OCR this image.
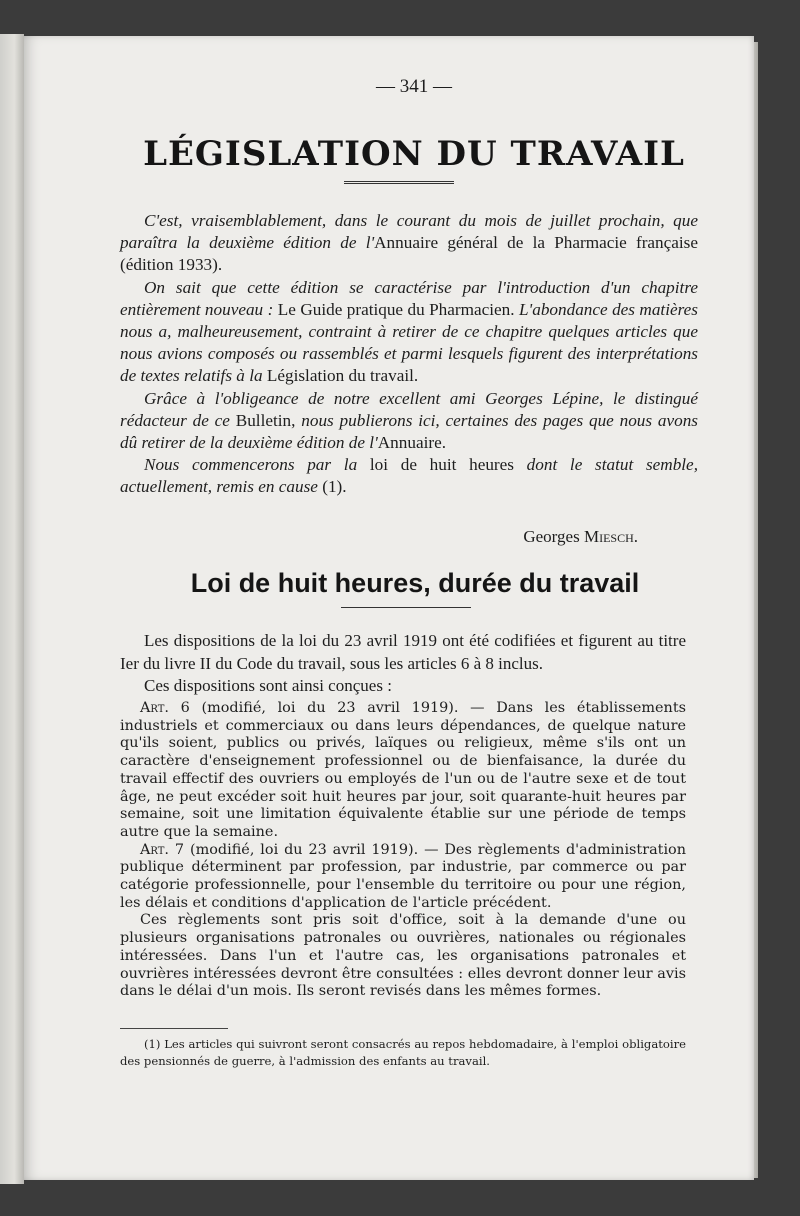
— 341 —
LÉGISLATION DU TRAVAIL

C'est, vraisemblablement, dans le courant du mois de juillet prochain, que paraîtra la deuxième édition de l'Annuaire général de la Pharmacie française (édition 1933).

On sait que cette édition se caractérise par l'introduction d'un chapitre entièrement nouveau : Le Guide pratique du Pharmacien. L'abondance des matières nous a, malheureusement, contraint à retirer de ce chapitre quelques articles que nous avions composés ou rassemblés et parmi lesquels figurent des interprétations de textes relatifs à la Législation du travail.

Grâce à l'obligeance de notre excellent ami Georges Lépine, le distingué rédacteur de ce Bulletin, nous publierons ici, certaines des pages que nous avons dû retirer de la deuxième édition de l'Annuaire.

Nous commencerons par la loi de huit heures dont le statut semble, actuellement, remis en cause (1).

Georges Miesch.
Loi de huit heures, durée du travail

Les dispositions de la loi du 23 avril 1919 ont été codifiées et figurent au titre Ier du livre II du Code du travail, sous les articles 6 à 8 inclus.

Ces dispositions sont ainsi conçues :

Art. 6 (modifié, loi du 23 avril 1919). — Dans les établissements industriels et commerciaux ou dans leurs dépendances, de quelque nature qu'ils soient, publics ou privés, laïques ou religieux, même s'ils ont un caractère d'enseignement professionnel ou de bienfaisance, la durée du travail effectif des ouvriers ou employés de l'un ou de l'autre sexe et de tout âge, ne peut excéder soit huit heures par jour, soit quarante-huit heures par semaine, soit une limitation équivalente établie sur une période de temps autre que la semaine.

Art. 7 (modifié, loi du 23 avril 1919). — Des règlements d'administration publique déterminent par profession, par industrie, par commerce ou par catégorie professionnelle, pour l'ensemble du territoire ou pour une région, les délais et conditions d'application de l'article précédent.

Ces règlements sont pris soit d'office, soit à la demande d'une ou plusieurs organisations patronales ou ouvrières, nationales ou régionales intéressées. Dans l'un et l'autre cas, les organisations patronales et ouvrières intéressées devront être consultées : elles devront donner leur avis dans le délai d'un mois. Ils seront revisés dans les mêmes formes.

(1) Les articles qui suivront seront consacrés au repos hebdomadaire, à l'emploi obligatoire des pensionnés de guerre, à l'admission des enfants au travail.
